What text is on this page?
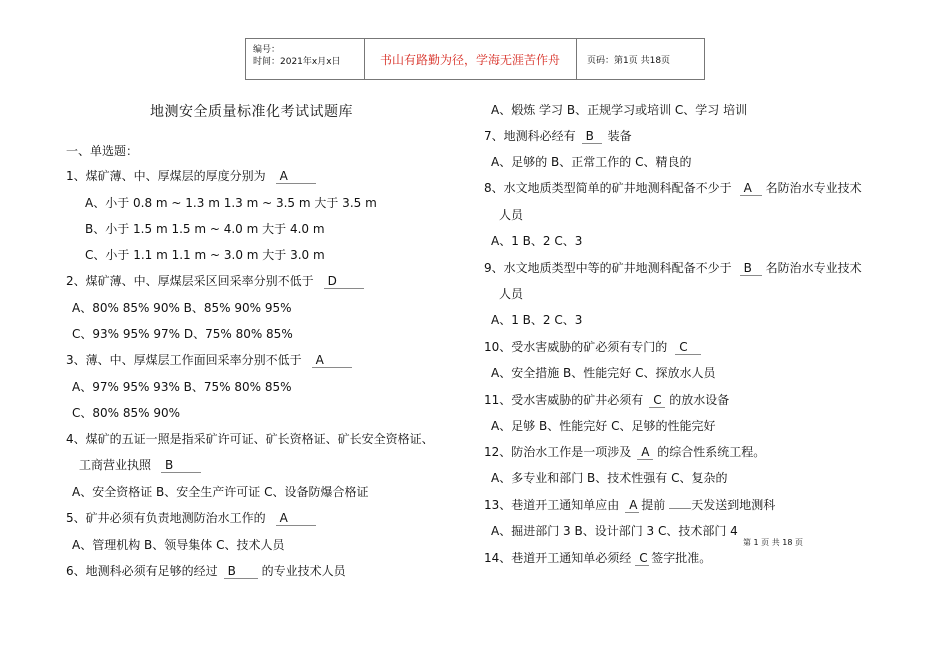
编号：
时间：2021年x月x日	书山有路勤为径，学海无涯苦作舟	页码：第1页 共18页
地测安全质量标准化考试试题库
一、单选题：
1、煤矿薄、中、厚煤层的厚度分别为 A
A、小于 0.8 m ~ 1.3 m 1.3 m ~ 3.5 m 大于 3.5 m
B、小于 1.5 m 1.5 m ~ 4.0 m 大于 4.0 m
C、小于 1.1 m 1.1 m ~ 3.0 m 大于 3.0 m
2、煤矿薄、中、厚煤层采区回采率分别不低于 D
A、80% 85% 90% B、85% 90% 95%
C、93% 95% 97% D、75% 80% 85%
3、薄、中、厚煤层工作面回采率分别不低于 A
A、97% 95% 93% B、75% 80% 85%
C、80% 85% 90%
4、煤矿的五证一照是指采矿许可证、矿长资格证、矿长安全资格证、
工商营业执照 B
A、安全资格证 B、安全生产许可证 C、设备防爆合格证
5、矿井必须有负责地测防治水工作的 A
A、管理机构 B、领导集体 C、技术人员
6、地测科必须有足够的经过 B 的专业技术人员
A、煅炼 学习 B、正规学习或培训 C、学习 培训
7、地测科必经有 B 装备
A、足够的 B、正常工作的 C、精良的
8、水文地质类型简单的矿井地测科配备不少于 A 名防治水专业技术
人员
A、1 B、2 C、3
9、水文地质类型中等的矿井地测科配备不少于 B 名防治水专业技术
人员
A、1 B、2 C、3
10、受水害威胁的矿必须有专门的 C
A、安全措施 B、性能完好 C、探放水人员
11、受水害威胁的矿井必须有 C 的放水设备
A、足够 B、性能完好 C、足够的性能完好
12、防治水工作是一项涉及 A 的综合性系统工程。
A、多专业和部门 B、技术性强有 C、复杂的
13、巷道开工通知单应由 A 提前 天发送到地测科
A、掘进部门 3 B、设计部门 3 C、技术部门 4
14、巷道开工通知单必须经 C 签字批准。
第 1 页 共 18 页
